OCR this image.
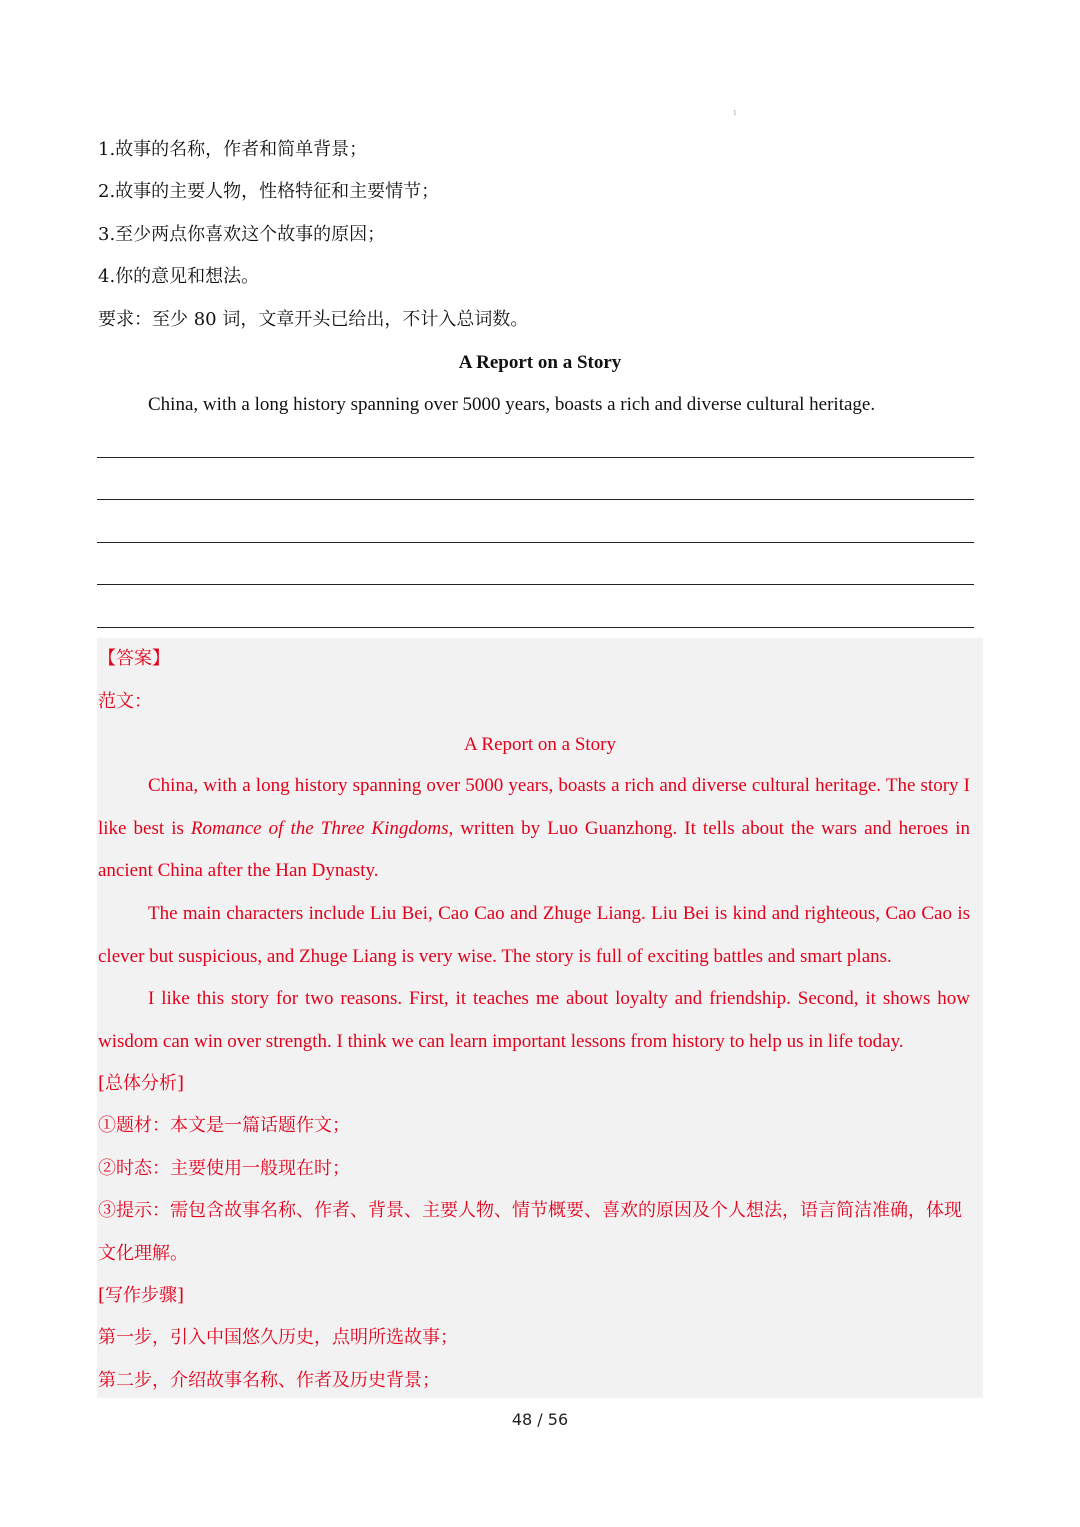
1
1.故事的名称，作者和简单背景；
2.故事的主要人物，性格特征和主要情节；
3.至少两点你喜欢这个故事的原因；
4.你的意见和想法。
要求：至少 80 词，文章开头已给出，不计入总词数。
A Report on a Story
China, with a long history spanning over 5000 years, boasts a rich and diverse cultural heritage.
【答案】
范文：
A Report on a Story
China, with a long history spanning over 5000 years, boasts a rich and diverse cultural heritage. The story I like best is Romance of the Three Kingdoms, written by Luo Guanzhong. It tells about the wars and heroes in ancient China after the Han Dynasty.
The main characters include Liu Bei, Cao Cao and Zhuge Liang. Liu Bei is kind and righteous, Cao Cao is clever but suspicious, and Zhuge Liang is very wise. The story is full of exciting battles and smart plans.
I like this story for two reasons. First, it teaches me about loyalty and friendship. Second, it shows how wisdom can win over strength. I think we can learn important lessons from history to help us in life today.
[总体分析]
①题材：本文是一篇话题作文；
②时态：主要使用一般现在时；
③提示：需包含故事名称、作者、背景、主要人物、情节概要、喜欢的原因及个人想法，语言简洁准确，体现文化理解。
[写作步骤]
第一步，引入中国悠久历史，点明所选故事；
第二步，介绍故事名称、作者及历史背景；
48 / 56
